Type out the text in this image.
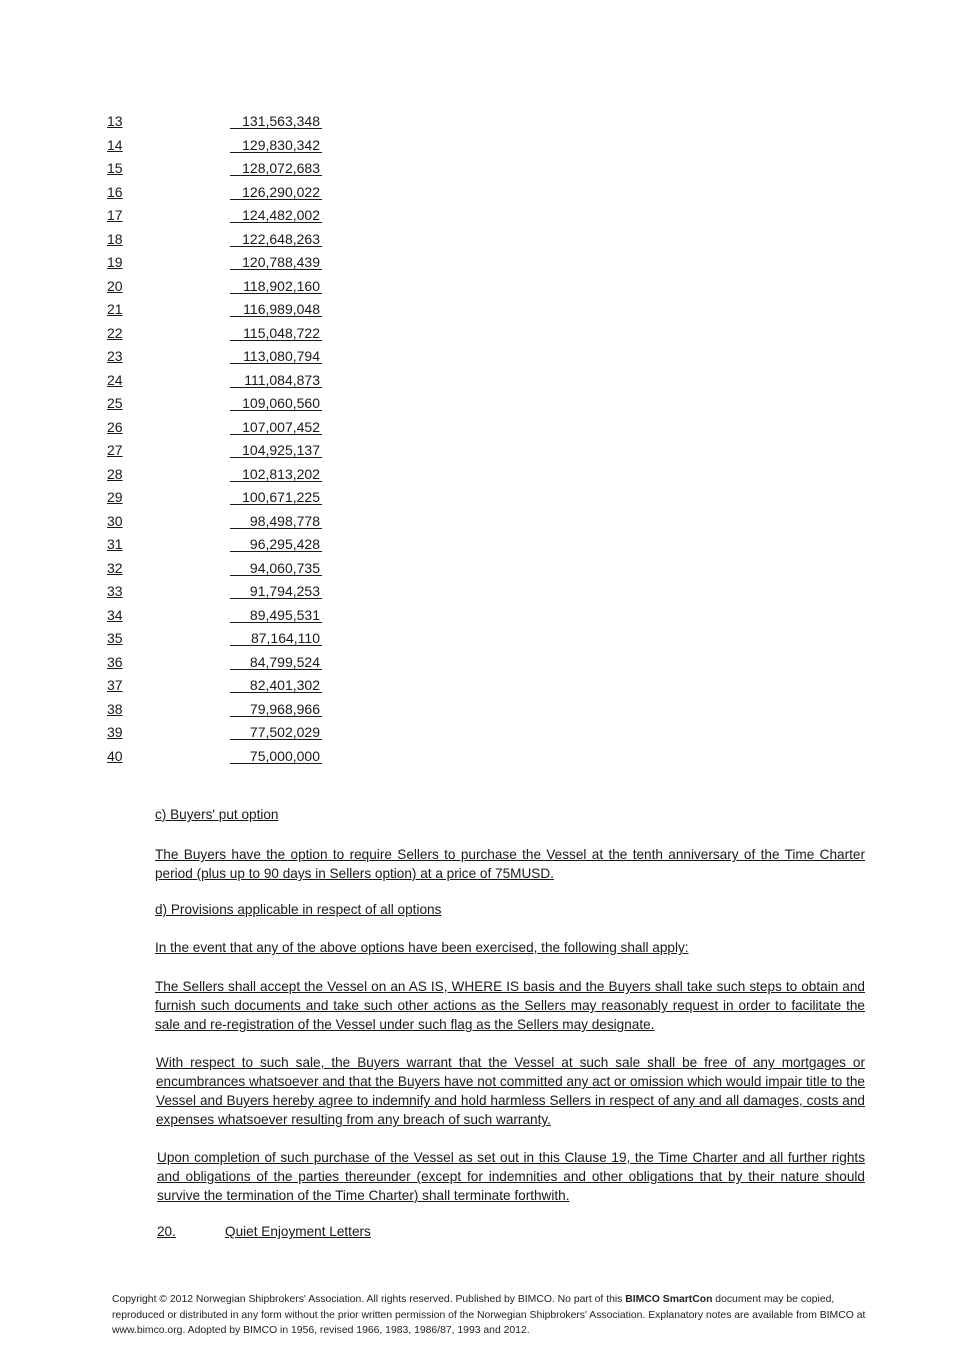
13	131,563,348
14	129,830,342
15	128,072,683
16	126,290,022
17	124,482,002
18	122,648,263
19	120,788,439
20	118,902,160
21	116,989,048
22	115,048,722
23	113,080,794
24	111,084,873
25	109,060,560
26	107,007,452
27	104,925,137
28	102,813,202
29	100,671,225
30	98,498,778
31	96,295,428
32	94,060,735
33	91,794,253
34	89,495,531
35	87,164,110
36	84,799,524
37	82,401,302
38	79,968,966
39	77,502,029
40	75,000,000
c) Buyers' put option
The Buyers have the option to require Sellers to purchase the Vessel at the tenth anniversary of the Time Charter period (plus up to 90 days in Sellers option) at a price of 75MUSD.
d) Provisions applicable in respect of all options
In the event that any of the above options have been exercised, the following shall apply:
The Sellers shall accept the Vessel on an AS IS, WHERE IS basis and the Buyers shall take such steps to obtain and furnish such documents and take such other actions as the Sellers may reasonably request in order to facilitate the sale and re-registration of the Vessel under such flag as the Sellers may designate.
With respect to such sale, the Buyers warrant that the Vessel at such sale shall be free of any mortgages or encumbrances whatsoever and that the Buyers have not committed any act or omission which would impair title to the Vessel and Buyers hereby agree to indemnify and hold harmless Sellers in respect of any and all damages, costs and expenses whatsoever resulting from any breach of such warranty.
Upon completion of such purchase of the Vessel as set out in this Clause 19, the Time Charter and all further rights and obligations of the parties thereunder (except for indemnities and other obligations that by their nature should survive the termination of the Time Charter) shall terminate forthwith.
20.	Quiet Enjoyment Letters
Copyright © 2012 Norwegian Shipbrokers' Association. All rights reserved. Published by BIMCO. No part of this BIMCO SmartCon document may be copied, reproduced or distributed in any form without the prior written permission of the Norwegian Shipbrokers' Association. Explanatory notes are available from BIMCO at www.bimco.org. Adopted by BIMCO in 1956, revised 1966, 1983, 1986/87, 1993 and 2012.
